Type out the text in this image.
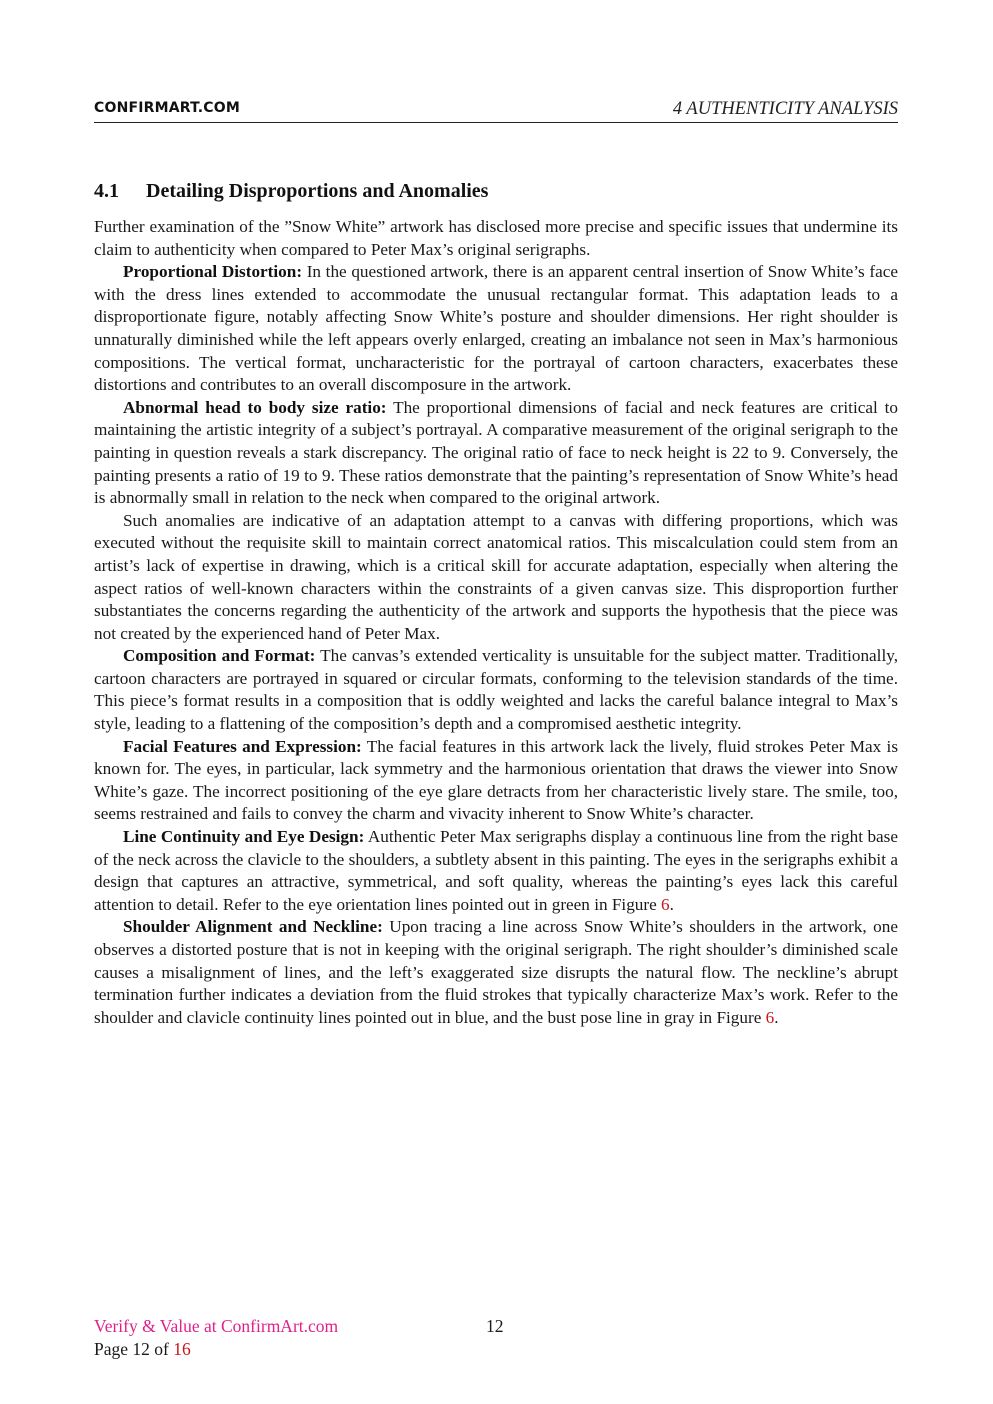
CONFIRMART.COM	4 AUTHENTICITY ANALYSIS
4.1 Detailing Disproportions and Anomalies

Further examination of the ”Snow White” artwork has disclosed more precise and specific issues that undermine its claim to authenticity when compared to Peter Max’s original serigraphs.

Proportional Distortion: In the questioned artwork, there is an apparent central insertion of Snow White’s face with the dress lines extended to accommodate the unusual rectangular format. This adaptation leads to a disproportionate figure, notably affecting Snow White’s posture and shoulder dimensions. Her right shoulder is unnaturally diminished while the left appears overly enlarged, creating an imbalance not seen in Max’s harmonious compositions. The vertical format, uncharacteristic for the portrayal of cartoon characters, exacerbates these distortions and contributes to an overall discomposure in the artwork.

Abnormal head to body size ratio: The proportional dimensions of facial and neck features are critical to maintaining the artistic integrity of a subject’s portrayal. A comparative measurement of the original serigraph to the painting in question reveals a stark discrepancy. The original ratio of face to neck height is 22 to 9. Conversely, the painting presents a ratio of 19 to 9. These ratios demonstrate that the painting’s representation of Snow White’s head is abnormally small in relation to the neck when compared to the original artwork.

Such anomalies are indicative of an adaptation attempt to a canvas with differing proportions, which was executed without the requisite skill to maintain correct anatomical ratios. This miscalculation could stem from an artist’s lack of expertise in drawing, which is a critical skill for accurate adaptation, especially when altering the aspect ratios of well-known characters within the constraints of a given canvas size. This disproportion further substantiates the concerns regarding the authenticity of the artwork and supports the hypothesis that the piece was not created by the experienced hand of Peter Max.

Composition and Format: The canvas’s extended verticality is unsuitable for the subject matter. Traditionally, cartoon characters are portrayed in squared or circular formats, conforming to the television standards of the time. This piece’s format results in a composition that is oddly weighted and lacks the careful balance integral to Max’s style, leading to a flattening of the composition’s depth and a compromised aesthetic integrity.

Facial Features and Expression: The facial features in this artwork lack the lively, fluid strokes Peter Max is known for. The eyes, in particular, lack symmetry and the harmonious orientation that draws the viewer into Snow White’s gaze. The incorrect positioning of the eye glare detracts from her characteristic lively stare. The smile, too, seems restrained and fails to convey the charm and vivacity inherent to Snow White’s character.

Line Continuity and Eye Design: Authentic Peter Max serigraphs display a continuous line from the right base of the neck across the clavicle to the shoulders, a subtlety absent in this painting. The eyes in the serigraphs exhibit a design that captures an attractive, symmetrical, and soft quality, whereas the painting’s eyes lack this careful attention to detail. Refer to the eye orientation lines pointed out in green in Figure 6.

Shoulder Alignment and Neckline: Upon tracing a line across Snow White’s shoulders in the artwork, one observes a distorted posture that is not in keeping with the original serigraph. The right shoulder’s diminished scale causes a misalignment of lines, and the left’s exaggerated size disrupts the natural flow. The neckline’s abrupt termination further indicates a deviation from the fluid strokes that typically characterize Max’s work. Refer to the shoulder and clavicle continuity lines pointed out in blue, and the bust pose line in gray in Figure 6.

Verify & Value at ConfirmArt.com
Page 12 of 16
12
